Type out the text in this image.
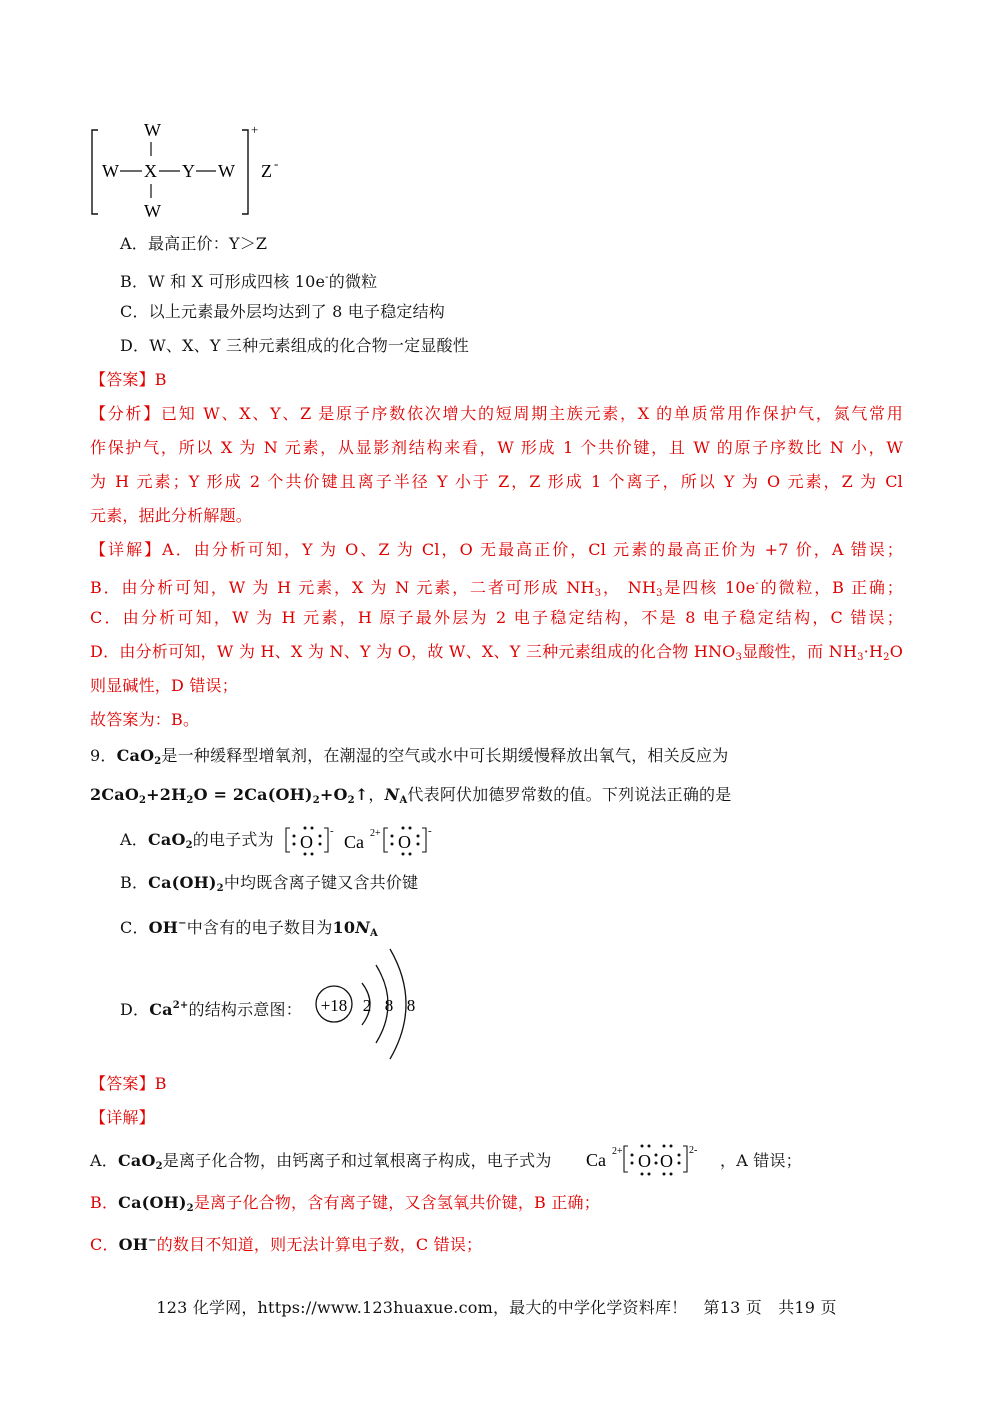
W
W X Y W
W
+
Z -
A．最高正价：Y＞Z
B．W 和 X 可形成四核 10e-的微粒
C．以上元素最外层均达到了 8 电子稳定结构
D．W、X、Y 三种元素组成的化合物一定显酸性
【答案】B
【分析】已知 W、X、Y、Z 是原子序数依次增大的短周期主族元素，X 的单质常用作保护气，氮气常用
作保护气，所以 X 为 N 元素，从显影剂结构来看，W 形成 1 个共价键，且 W 的原子序数比 N 小，W
为 H 元素；Y 形成 2 个共价键且离子半径 Y 小于 Z，Z 形成 1 个离子，所以 Y 为 O 元素，Z 为 Cl
元素，据此分析解题。
【详解】A．由分析可知，Y 为 O、Z 为 Cl，O 无最高正价，Cl 元素的最高正价为 +7 价，A 错误；
B．由分析可知，W 为 H 元素，X 为 N 元素，二者可形成 $NH_3$， $NH_3$是四核 10e-的微粒，B 正确；
C．由分析可知，W 为 H 元素，H 原子最外层为 2 电子稳定结构，不是 8 电子稳定结构，C 错误；
D．由分析可知，W 为 H、X 为 N、Y 为 O，故 W、X、Y 三种元素组成的化合物 $HNO_3$显酸性，而 $NH_3\cdot H_2O$
则显碱性，D 错误；
故答案为：B。
9．CaO$_2$是一种缓释型增氧剂，在潮湿的空气或水中可长期缓慢释放出氧气，相关反应为
$2CaO_2+2H_2O$ = $2Ca(OH)_2+O_2↑$，$N_A$代表阿伏加德罗常数的值。下列说法正确的是
A．CaO$_2$的电子式为	O
-
Ca 2+ O
-
B．$Ca(OH)_2$中均既含离子键又含共价键
C．OH−中含有的电子数目为$10N_A$
D．$Ca^{2+}$的结构示意图：	+18 2 8 8
【答案】B
【详解】
A．CaO$_2$是离子化合物，由钙离子和过氧根离子构成，电子式为	Ca 2+ O O
2-
，A 错误；
B．$Ca(OH)_2$是离子化合物，含有离子键，又含氢氧共价键，B 正确；
C．OH−的数目不知道，则无法计算电子数，C 错误；
123 化学网，https://www.123huaxue.com，最大的中学化学资料库！　第13 页　共19 页
